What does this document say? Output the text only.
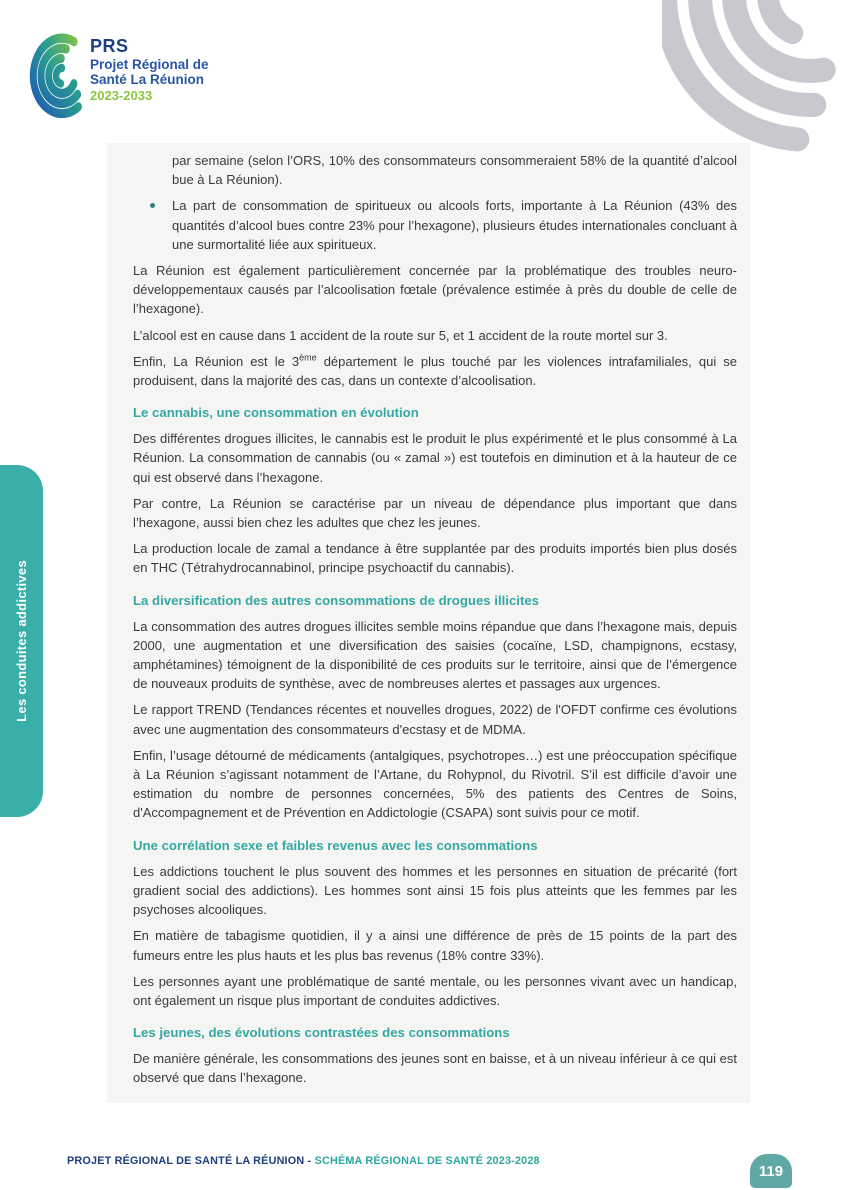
PRS
Projet Régional de
Santé La Réunion
2023-2033
Les conduites addictives

par semaine (selon l’ORS, 10% des consommateurs consommeraient 58% de la quantité d’alcool bue à La Réunion).

La part de consommation de spiritueux ou alcools forts, importante à La Réunion (43% des quantités d’alcool bues contre 23% pour l’hexagone), plusieurs études internationales concluant à une surmortalité liée aux spiritueux.

La Réunion est également particulièrement concernée par la problématique des troubles neuro-développementaux causés par l’alcoolisation fœtale (prévalence estimée à près du double de celle de l’hexagone).

L’alcool est en cause dans 1 accident de la route sur 5, et 1 accident de la route mortel sur 3.

Enfin, La Réunion est le 3ème département le plus touché par les violences intrafamiliales, qui se produisent, dans la majorité des cas, dans un contexte d’alcoolisation.

Le cannabis, une consommation en évolution

Des différentes drogues illicites, le cannabis est le produit le plus expérimenté et le plus consommé à La Réunion. La consommation de cannabis (ou « zamal ») est toutefois en diminution et à la hauteur de ce qui est observé dans l’hexagone.

Par contre, La Réunion se caractérise par un niveau de dépendance plus important que dans l’hexagone, aussi bien chez les adultes que chez les jeunes.

La production locale de zamal a tendance à être supplantée par des produits importés bien plus dosés en THC (Tétrahydrocannabinol, principe psychoactif du cannabis).

La diversification des autres consommations de drogues illicites

La consommation des autres drogues illicites semble moins répandue que dans l’hexagone mais, depuis 2000, une augmentation et une diversification des saisies (cocaïne, LSD, champignons, ecstasy, amphétamines) témoignent de la disponibilité de ces produits sur le territoire, ainsi que de l’émergence de nouveaux produits de synthèse, avec de nombreuses alertes et passages aux urgences.

Le rapport TREND (Tendances récentes et nouvelles drogues, 2022) de l'OFDT confirme ces évolutions avec une augmentation des consommateurs d'ecstasy et de MDMA.

Enfin, l’usage détourné de médicaments (antalgiques, psychotropes…) est une préoccupation spécifique à La Réunion s’agissant notamment de l’Artane, du Rohypnol, du Rivotril. S’il est difficile d’avoir une estimation du nombre de personnes concernées, 5% des patients des Centres de Soins, d'Accompagnement et de Prévention en Addictologie (CSAPA) sont suivis pour ce motif.

Une corrélation sexe et faibles revenus avec les consommations

Les addictions touchent le plus souvent des hommes et les personnes en situation de précarité (fort gradient social des addictions). Les hommes sont ainsi 15 fois plus atteints que les femmes par les psychoses alcooliques.

En matière de tabagisme quotidien, il y a ainsi une différence de près de 15 points de la part des fumeurs entre les plus hauts et les plus bas revenus (18% contre 33%).

Les personnes ayant une problématique de santé mentale, ou les personnes vivant avec un handicap, ont également un risque plus important de conduites addictives.

Les jeunes, des évolutions contrastées des consommations

De manière générale, les consommations des jeunes sont en baisse, et à un niveau inférieur à ce qui est observé que dans l’hexagone.

PROJET RÉGIONAL DE SANTÉ LA RÉUNION - SCHÉMA RÉGIONAL DE SANTÉ 2023-2028
119
